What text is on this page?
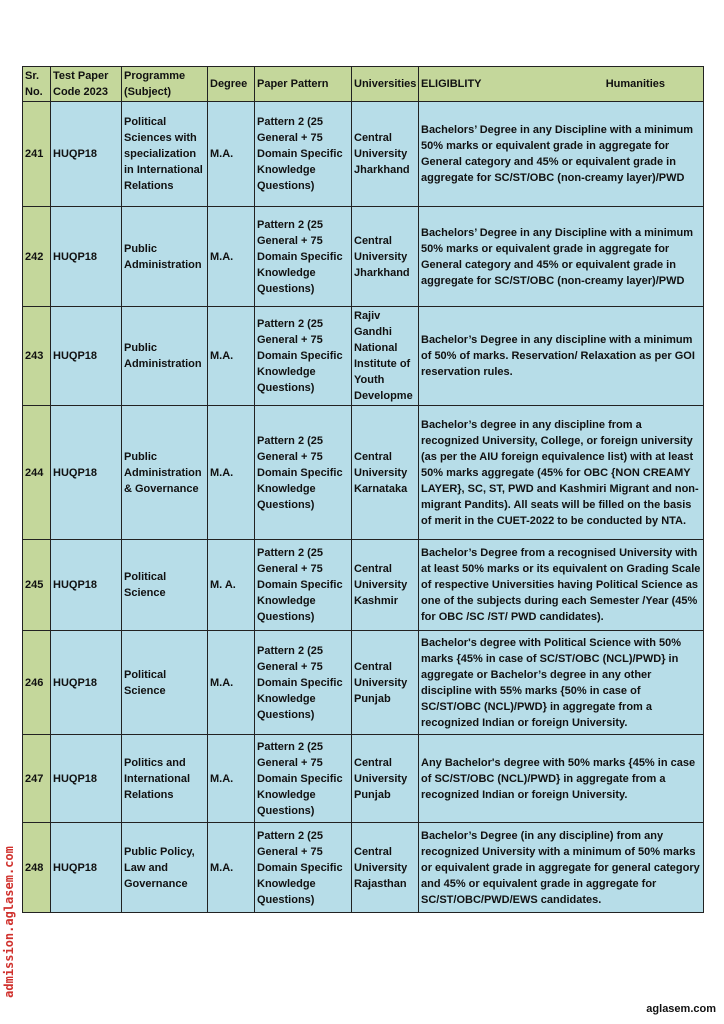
Sr. No.	Test Paper Code 2023	Programme (Subject)	Degree	Paper Pattern	Universities	ELIGIBLITY Humanities

241	HUQP18	Political Sciences with specialization in International Relations	M.A.	Pattern 2 (25 General + 75 Domain Specific Knowledge Questions)	Central University Jharkhand	Bachelors’ Degree in any Discipline with a minimum 50% marks or equivalent grade in aggregate for General category and 45% or equivalent grade in aggregate for SC/ST/OBC (non-creamy layer)/PWD
242	HUQP18	Public Administration	M.A.	Pattern 2 (25 General + 75 Domain Specific Knowledge Questions)	Central University Jharkhand	Bachelors’ Degree in any Discipline with a minimum 50% marks or equivalent grade in aggregate for General category and 45% or equivalent grade in aggregate for SC/ST/OBC (non-creamy layer)/PWD
243	HUQP18	Public Administration	M.A.	Pattern 2 (25 General + 75 Domain Specific Knowledge Questions)	Rajiv Gandhi National Institute of Youth Developme	Bachelor’s Degree in any discipline with a minimum of 50% of marks. Reservation/ Relaxation as per GOI reservation rules.
244	HUQP18	Public Administration & Governance	M.A.	Pattern 2 (25 General + 75 Domain Specific Knowledge Questions)	Central University Karnataka	Bachelor’s degree in any discipline from a recognized University, College, or foreign university (as per the AIU foreign equivalence list) with at least 50% marks aggregate (45% for OBC {NON CREAMY LAYER}, SC, ST, PWD and Kashmiri Migrant and non-migrant Pandits). All seats will be filled on the basis of merit in the CUET-2022 to be conducted by NTA.
245	HUQP18	Political Science	M. A.	Pattern 2 (25 General + 75 Domain Specific Knowledge Questions)	Central University Kashmir	Bachelor’s Degree from a recognised University with at least 50% marks or its equivalent on Grading Scale of respective Universities having Political Science as one of the subjects during each Semester /Year (45% for OBC /SC /ST/ PWD candidates).
246	HUQP18	Political Science	M.A.	Pattern 2 (25 General + 75 Domain Specific Knowledge Questions)	Central University Punjab	Bachelor's degree with Political Science with 50% marks {45% in case of SC/ST/OBC (NCL)/PWD} in aggregate or Bachelor’s degree in any other discipline with 55% marks {50% in case of SC/ST/OBC (NCL)/PWD} in aggregate from a recognized Indian or foreign University.
247	HUQP18	Politics and International Relations	M.A.	Pattern 2 (25 General + 75 Domain Specific Knowledge Questions)	Central University Punjab	Any Bachelor's degree with 50% marks {45% in case of SC/ST/OBC (NCL)/PWD} in aggregate from a recognized Indian or foreign University.
248	HUQP18	Public Policy, Law and Governance	M.A.	Pattern 2 (25 General + 75 Domain Specific Knowledge Questions)	Central University Rajasthan	Bachelor’s Degree (in any discipline) from any recognized University with a minimum of 50% marks or equivalent grade in aggregate for general category and 45% or equivalent grade in aggregate for SC/ST/OBC/PWD/EWS candidates.
admission.aglasem.com
aglasem.com
